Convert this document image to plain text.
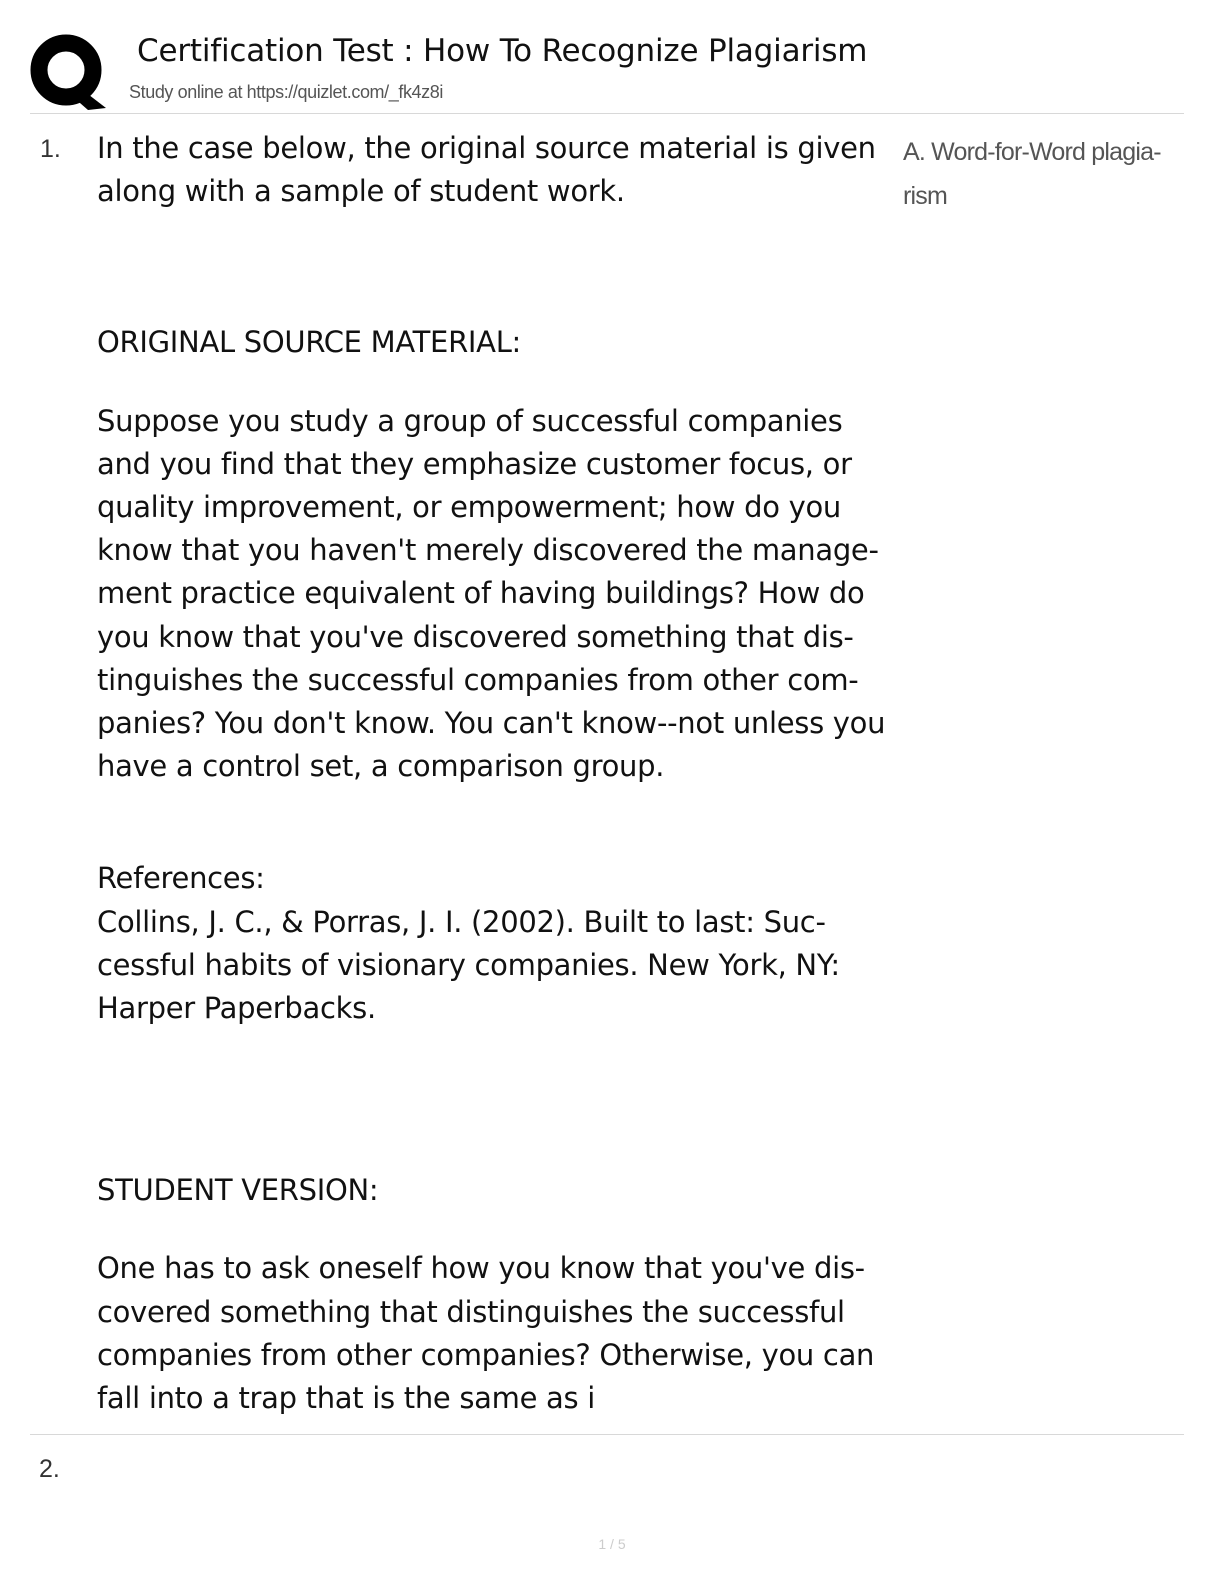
Certification Test : How To Recognize Plagiarism
Study online at https://quizlet.com/_fk4z8i
1. In the case below, the original source material is given along with a sample of student work.

ORIGINAL SOURCE MATERIAL:

Suppose you study a group of successful companies and you find that they emphasize customer focus, or quality improvement, or empowerment; how do you know that you haven't merely discovered the manage- ment practice equivalent of having buildings? How do you know that you've discovered something that dis- tinguishes the successful companies from other com- panies? You don't know. You can't know--not unless you have a control set, a comparison group.

References:

Collins, J. C., & Porras, J. I. (2002). Built to last: Suc- cessful habits of visionary companies. New York, NY: Harper Paperbacks.

STUDENT VERSION:

One has to ask oneself how you know that you've dis- covered something that distinguishes the successful companies from other companies? Otherwise, you can fall into a trap that is the same as i

A. Word-for-Word plagia- rism
2.
1 / 5
